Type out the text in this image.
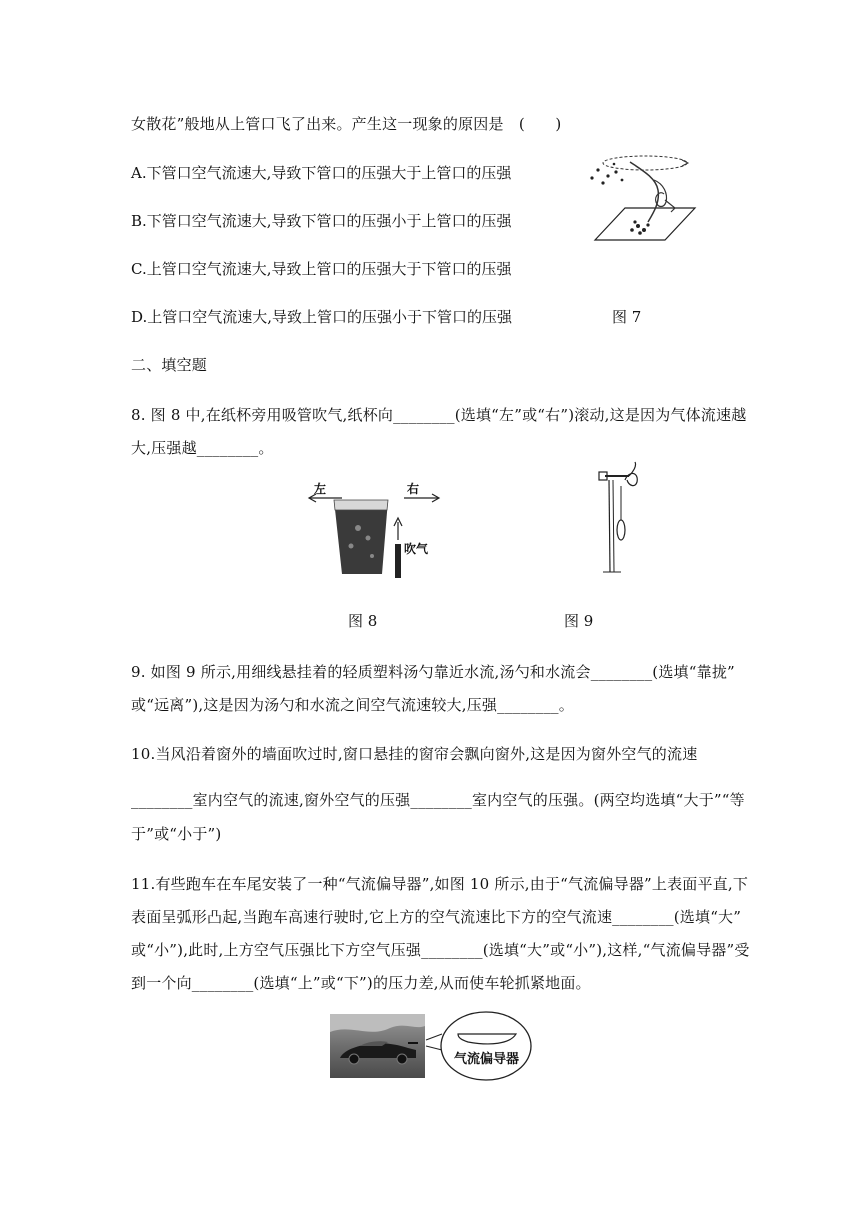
女散花”般地从上管口飞了出来。产生这一现象的原因是　(　　)
A.下管口空气流速大,导致下管口的压强大于上管口的压强
B.下管口空气流速大,导致下管口的压强小于上管口的压强
C.上管口空气流速大,导致上管口的压强大于下管口的压强
D.上管口空气流速大,导致上管口的压强小于下管口的压强	图 7
二、填空题
8. 图 8 中,在纸杯旁用吸管吹气,纸杯向________(选填“左”或“右”)滚动,这是因为气体流速越
大,压强越________。
左	右
吹气
图 8	图 9
9. 如图 9 所示,用细线悬挂着的轻质塑料汤勺靠近水流,汤勺和水流会________(选填“靠拢”
或“远离”),这是因为汤勺和水流之间空气流速较大,压强________。
10.当风沿着窗外的墙面吹过时,窗口悬挂的窗帘会飘向窗外,这是因为窗外空气的流速
________室内空气的流速,窗外空气的压强________室内空气的压强。(两空均选填“大于”“等
于”或“小于”)
11.有些跑车在车尾安装了一种“气流偏导器”,如图 10 所示,由于“气流偏导器”上表面平直,下
表面呈弧形凸起,当跑车高速行驶时,它上方的空气流速比下方的空气流速________(选填“大”
或“小”),此时,上方空气压强比下方空气压强________(选填“大”或“小”),这样,“气流偏导器”受
到一个向________(选填“上”或“下”)的压力差,从而使车轮抓紧地面。
气流偏导器
